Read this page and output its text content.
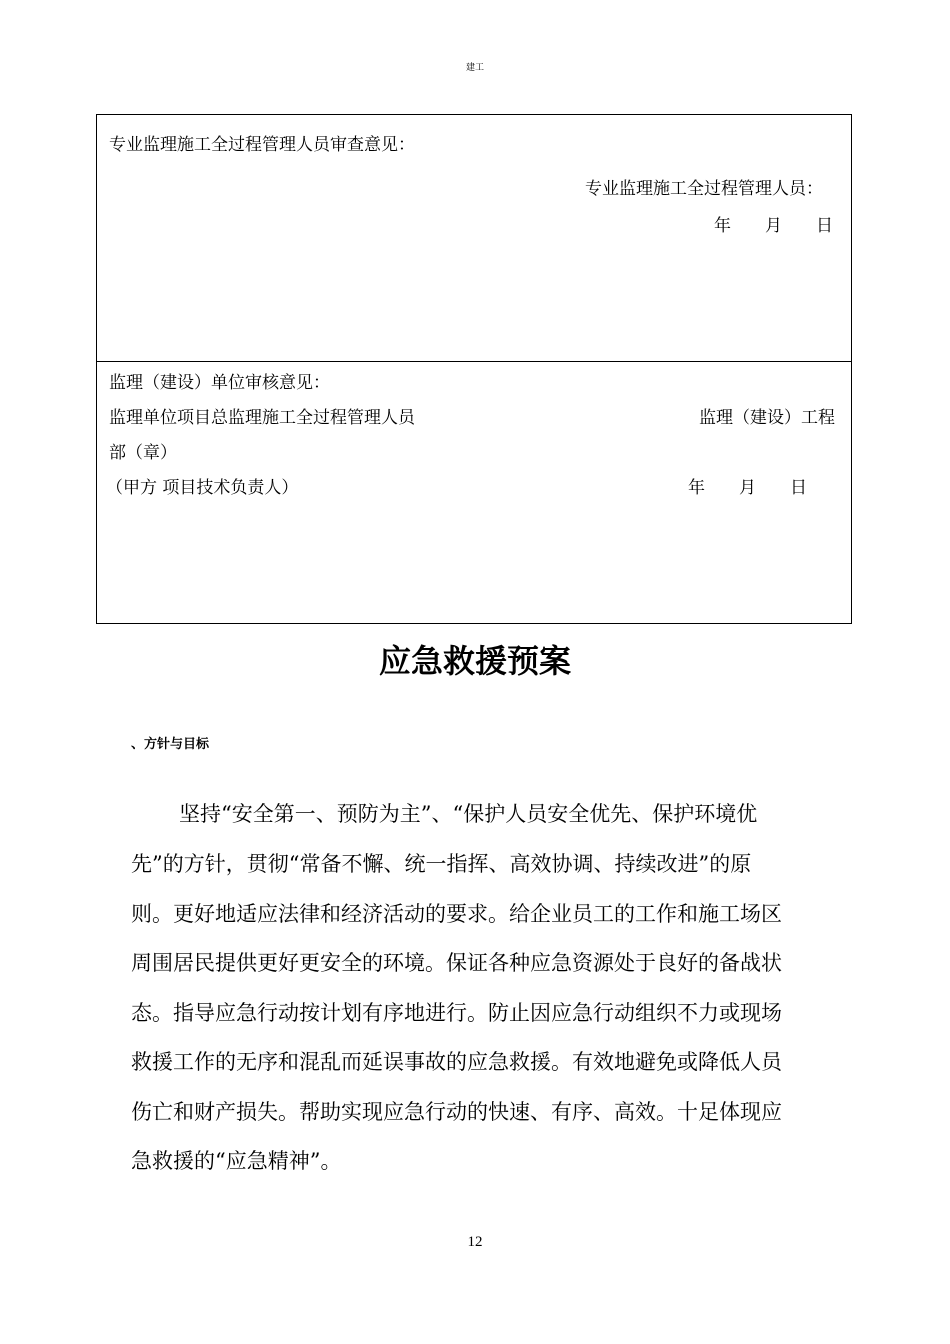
建工
专业监理施工全过程管理人员审查意见：
专业监理施工全过程管理人员：
年　　月　　日
监理（建设）单位审核意见：
监理单位项目总监理施工全过程管理人员	监理（建设）工程
部（章）
（甲方 项目技术负责人）	年　　月　　日
应急救援预案
、方针与目标
坚持“安全第一、预防为主”、“保护人员安全优先、保护环境优
先”的方针，贯彻“常备不懈、统一指挥、高效协调、持续改进”的原
则。更好地适应法律和经济活动的要求。给企业员工的工作和施工场区
周围居民提供更好更安全的环境。保证各种应急资源处于良好的备战状
态。指导应急行动按计划有序地进行。防止因应急行动组织不力或现场
救援工作的无序和混乱而延误事故的应急救援。有效地避免或降低人员
伤亡和财产损失。帮助实现应急行动的快速、有序、高效。十足体现应
急救援的“应急精神”。
12
